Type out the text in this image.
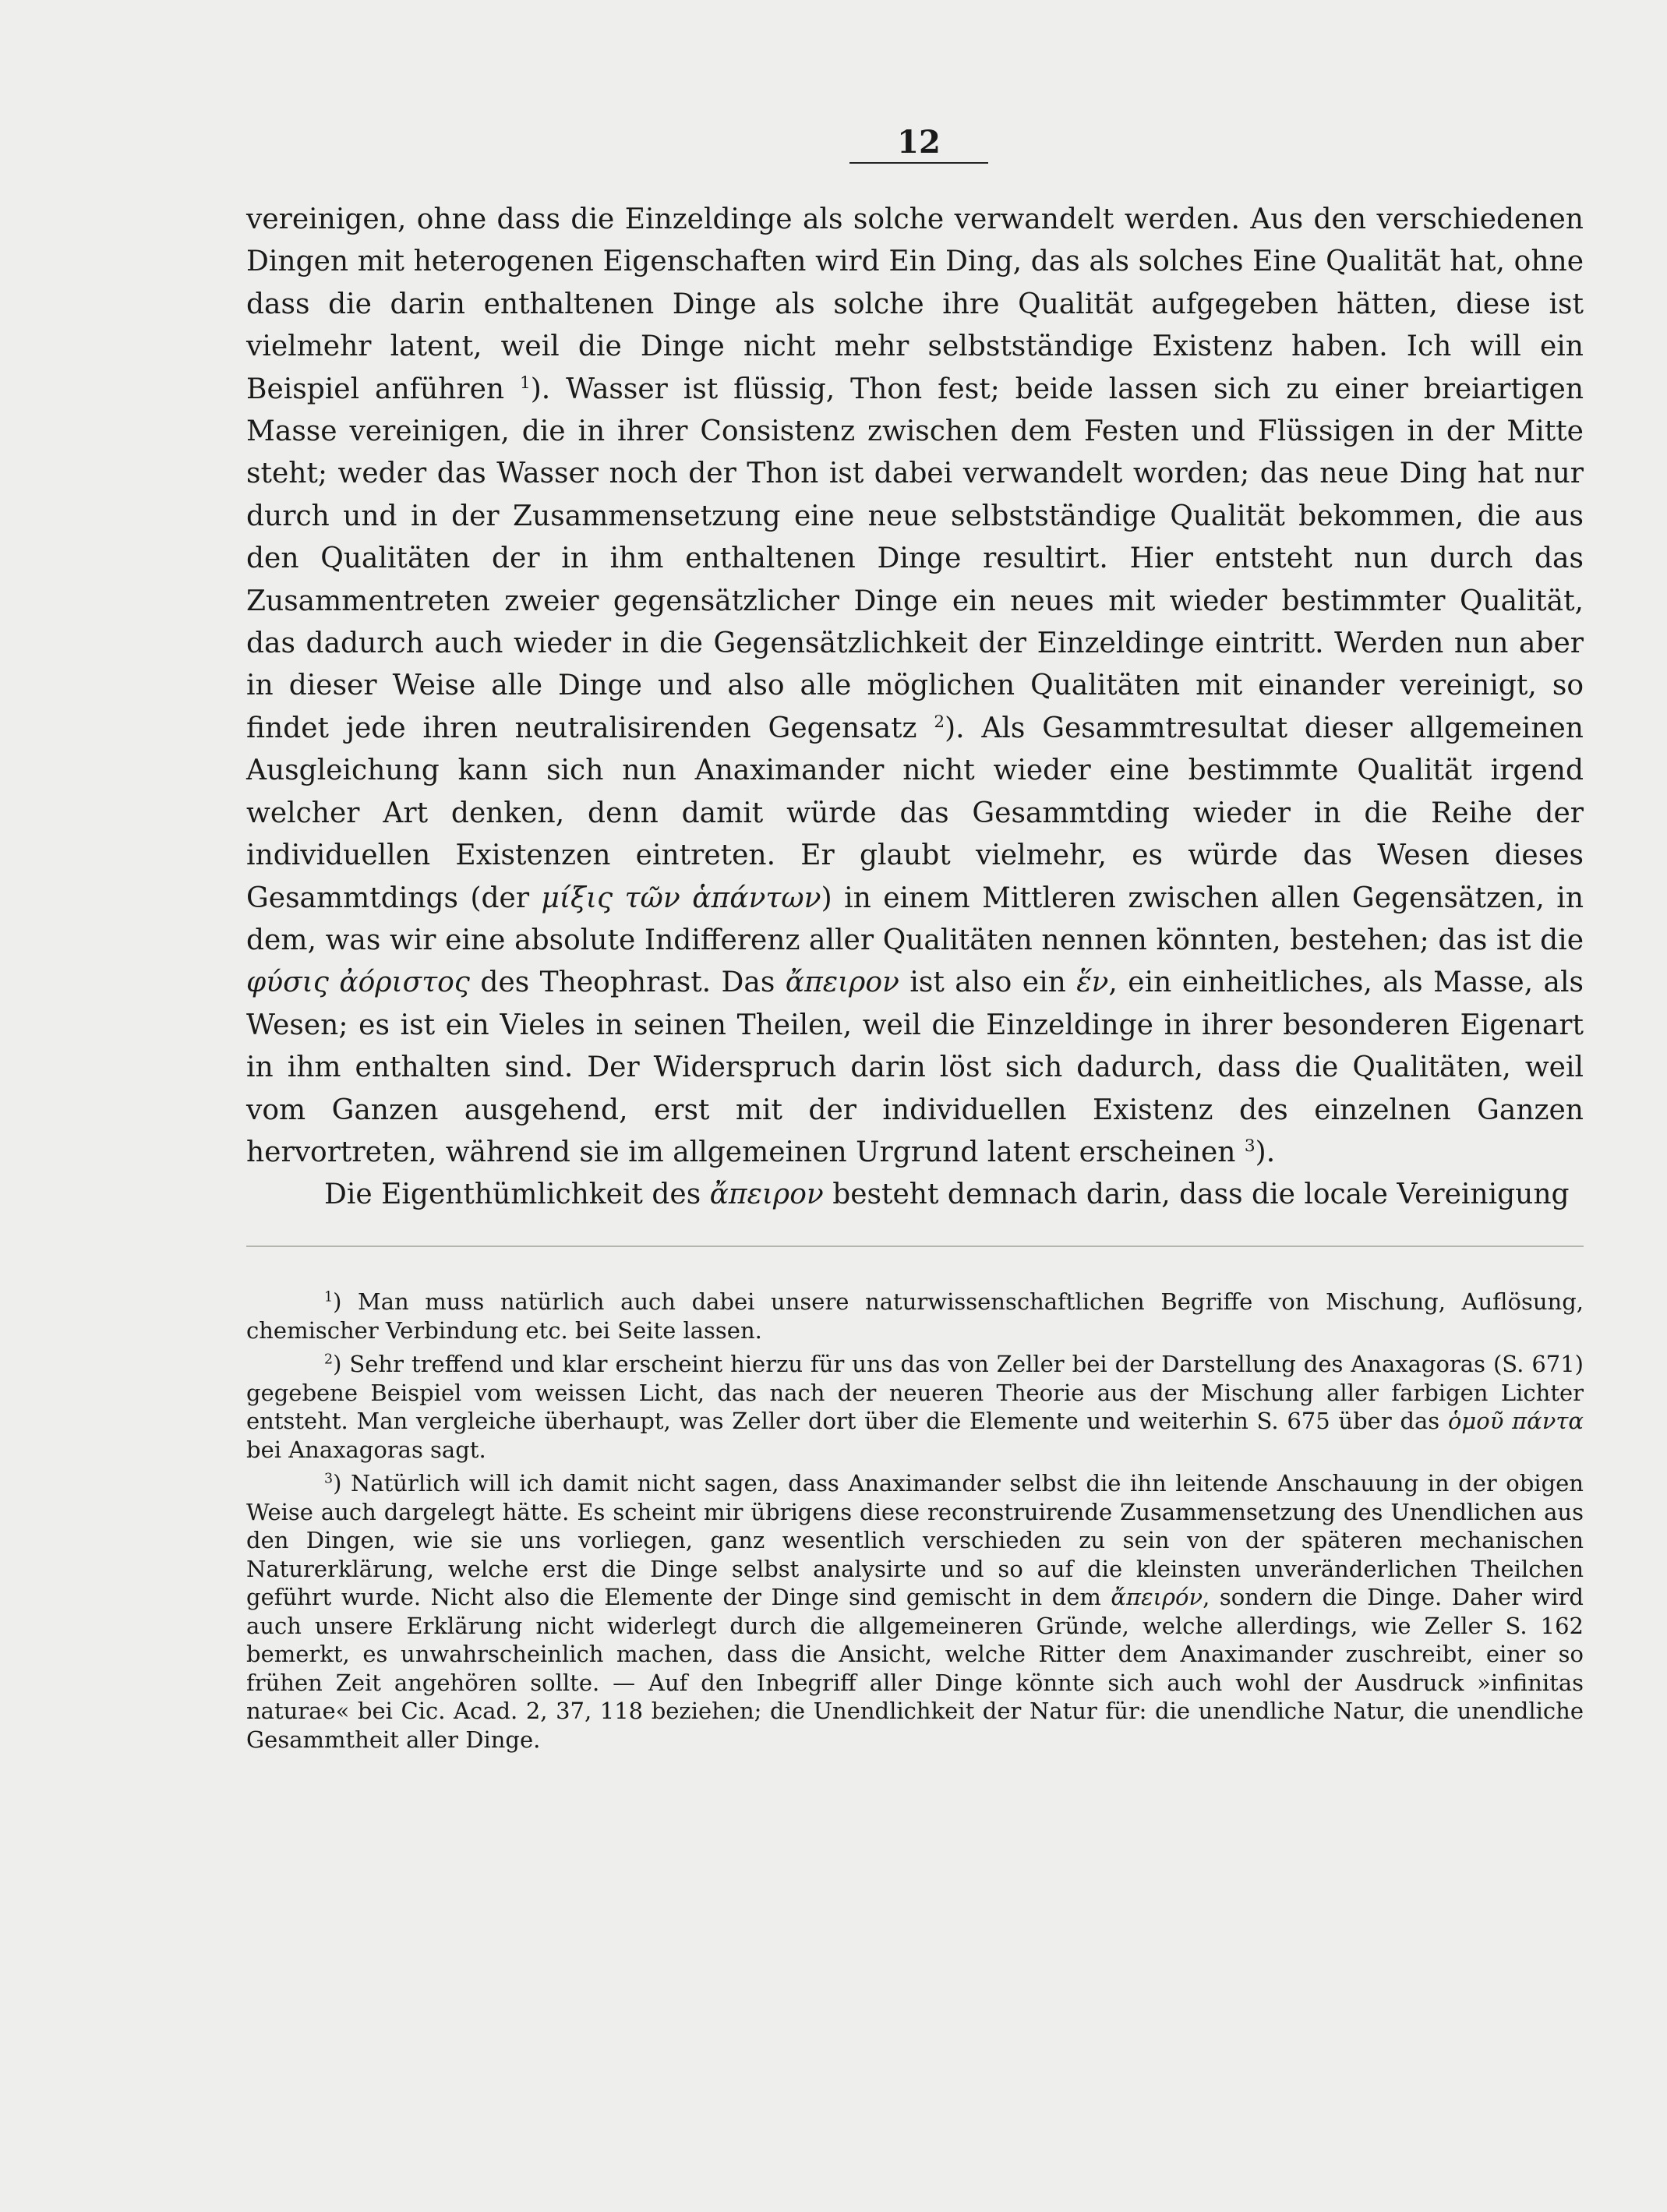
12

vereinigen, ohne dass die Einzeldinge als solche verwandelt werden. Aus den verschiedenen Dingen mit heterogenen Eigenschaften wird Ein Ding, das als solches Eine Qualität hat, ohne dass die darin enthaltenen Dinge als solche ihre Qualität aufgegeben hätten, diese ist vielmehr latent, weil die Dinge nicht mehr selbstständige Existenz haben. Ich will ein Beispiel anführen $^1$). Wasser ist flüssig, Thon fest; beide lassen sich zu einer breiartigen Masse vereinigen, die in ihrer Consistenz zwischen dem Festen und Flüssigen in der Mitte steht; weder das Wasser noch der Thon ist dabei verwandelt worden; das neue Ding hat nur durch und in der Zusammensetzung eine neue selbstständige Qualität bekommen, die aus den Qualitäten der in ihm enthaltenen Dinge resultirt. Hier entsteht nun durch das Zusammentreten zweier gegensätzlicher Dinge ein neues mit wieder bestimmter Qualität, das dadurch auch wieder in die Gegensätzlichkeit der Einzeldinge eintritt. Werden nun aber in dieser Weise alle Dinge und also alle möglichen Qualitäten mit einander vereinigt, so findet jede ihren neutralisirenden Gegensatz $^2$). Als Gesammtresultat dieser allgemeinen Ausgleichung kann sich nun Anaximander nicht wieder eine bestimmte Qualität irgend welcher Art denken, denn damit würde das Gesammtding wieder in die Reihe der individuellen Existenzen eintreten. Er glaubt vielmehr, es würde das Wesen dieses Gesammtdings (der μίξις τῶν ἁπάντων) in einem Mittleren zwischen allen Gegensätzen, in dem, was wir eine absolute Indifferenz aller Qualitäten nennen könnten, bestehen; das ist die φύσις ἀόριστος des Theophrast. Das ἄπειρον ist also ein ἕν, ein einheitliches, als Masse, als Wesen; es ist ein Vieles in seinen Theilen, weil die Einzeldinge in ihrer besonderen Eigenart in ihm enthalten sind. Der Widerspruch darin löst sich dadurch, dass die Qualitäten, weil vom Ganzen ausgehend, erst mit der individuellen Existenz des einzelnen Ganzen hervortreten, während sie im allgemeinen Urgrund latent erscheinen $^3$).

Die Eigenthümlichkeit des ἄπειρον besteht demnach darin, dass die locale Vereinigung

$^1$) Man muss natürlich auch dabei unsere naturwissenschaftlichen Begriffe von Mischung, Auflösung, chemischer Verbindung etc. bei Seite lassen.

$^2$) Sehr treffend und klar erscheint hierzu für uns das von Zeller bei der Darstellung des Anaxagoras (S. 671) gegebene Beispiel vom weissen Licht, das nach der neueren Theorie aus der Mischung aller farbigen Lichter entsteht. Man vergleiche überhaupt, was Zeller dort über die Elemente und weiterhin S. 675 über das ὁμοῦ πάντα bei Anaxagoras sagt.

$^3$) Natürlich will ich damit nicht sagen, dass Anaximander selbst die ihn leitende Anschauung in der obigen Weise auch dargelegt hätte. Es scheint mir übrigens diese reconstruirende Zusammensetzung des Unendlichen aus den Dingen, wie sie uns vorliegen, ganz wesentlich verschieden zu sein von der späteren mechanischen Naturerklärung, welche erst die Dinge selbst analysirte und so auf die kleinsten unveränderlichen Theilchen geführt wurde. Nicht also die Elemente der Dinge sind gemischt in dem ἄπειρόν, sondern die Dinge. Daher wird auch unsere Erklärung nicht widerlegt durch die allgemeineren Gründe, welche allerdings, wie Zeller S. 162 bemerkt, es unwahrscheinlich machen, dass die Ansicht, welche Ritter dem Anaximander zuschreibt, einer so frühen Zeit angehören sollte. — Auf den Inbegriff aller Dinge könnte sich auch wohl der Ausdruck »infinitas naturae« bei Cic. Acad. 2, 37, 118 beziehen; die Unendlichkeit der Natur für: die unendliche Natur, die unendliche Gesammtheit aller Dinge.
